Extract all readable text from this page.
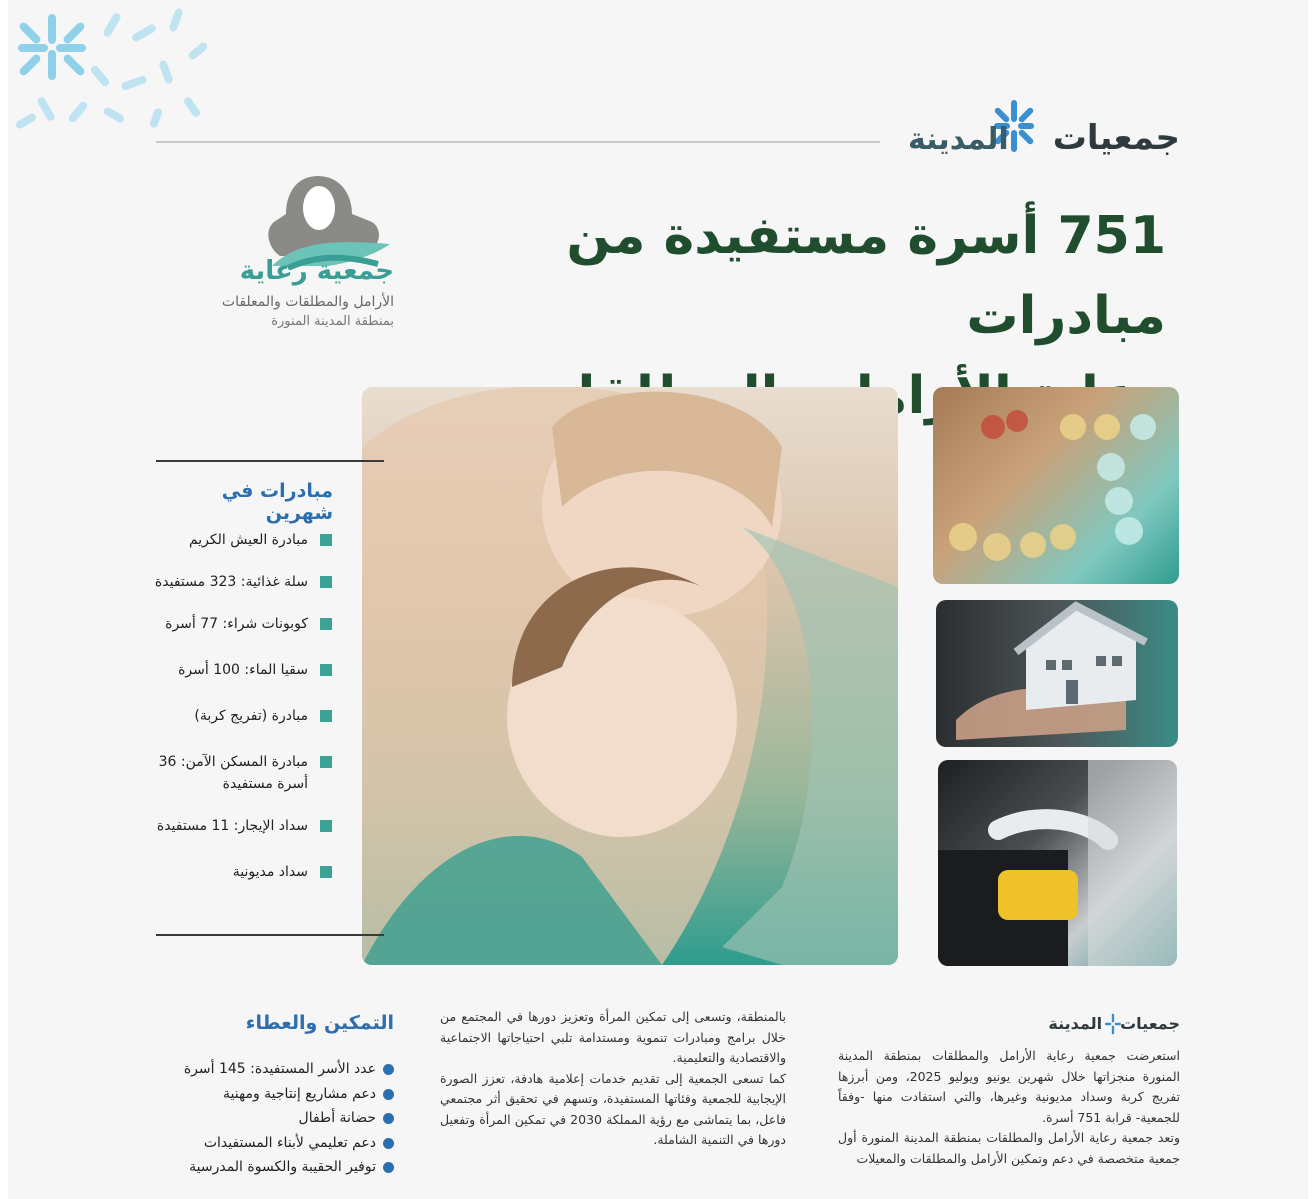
جمعياتالمدينة
جمعية رعاية
الأرامل والمطلقات والمعلقات
بمنطقة المدينة المنورة
751 أسرة مستفيدة من مبادرات
الأرامل
مبادرات في شهرين
مبادرة العيش الكريم
سلة غذائية: 323 مستفيدة
كوبونات شراء: 77 أسرة
سقيا الماء: 100 أسرة
مبادرة (تفريج كربة)
مبادرة المسكن الآمن: 36 أسرة مستفيدة
سداد الإيجار: 11 مستفيدة
سداد مديونية
جمعياتالمدينة
استعرضت جمعية رعاية الأرامل والمطلقات بمنطقة المدينة المنورة منجزاتها خلال شهرين يونيو ويوليو 2025، ومن أبرزها تفريج كربة وسداد مديونية وغيرها، والتي استفادت منها -وفقاً للجمعية- قرابة 751 أسرة.
وتعد جمعية رعاية الأرامل والمطلقات بمنطقة المدينة المنورة أول جمعية متخصصة في دعم وتمكين الأرامل والمطلقات والمعيلات
بالمنطقة، وتسعى إلى تمكين المرأة وتعزيز دورها في المجتمع من خلال برامج ومبادرات تنموية ومستدامة تلبي احتياجاتها الاجتماعية والاقتصادية والتعليمية.
كما تسعى الجمعية إلى تقديم خدمات إعلامية هادفة، تعزز الصورة الإيجابية للجمعية وفئاتها المستفيدة، وتسهم في تحقيق أثر مجتمعي فاعل، بما يتماشى مع رؤية المملكة 2030 في تمكين المرأة وتفعيل دورها في التنمية الشاملة.
التمكين والعطاء
عدد الأسر المستفيدة: 145 أسرة
دعم مشاريع إنتاجية ومهنية
حضانة أطفال
دعم تعليمي لأبناء المستفيدات
توفير الحقيبة والكسوة المدرسية
